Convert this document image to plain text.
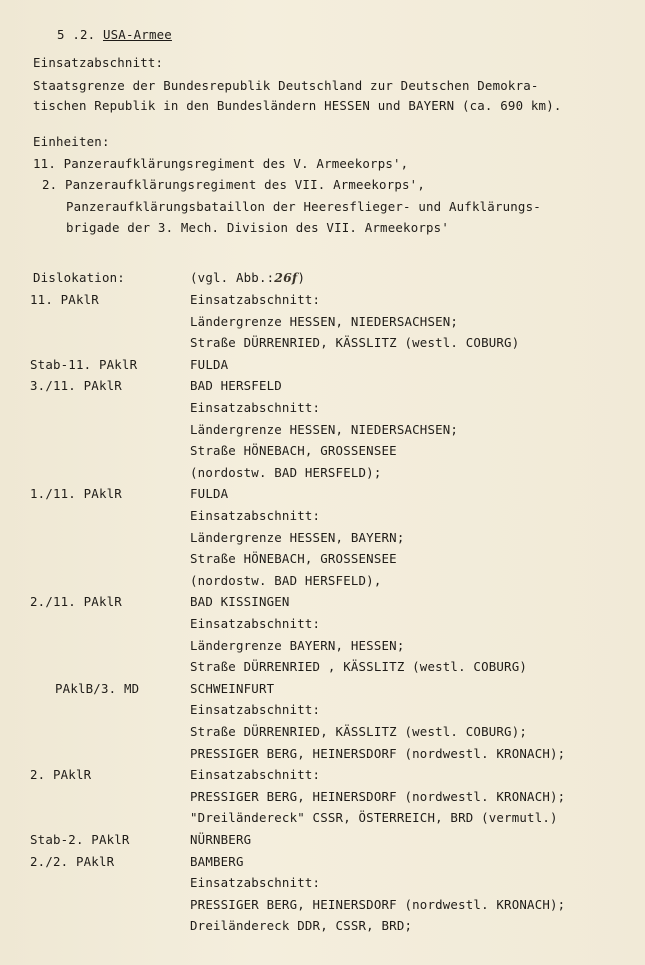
5 .2. USA-Armee
Einsatzabschnitt:
Staatsgrenze der Bundesrepublik Deutschland zur Deutschen Demokra-
tischen Republik in den Bundesländern HESSEN und BAYERN (ca. 690 km).
Einheiten:
11. Panzeraufklärungsregiment des V. Armeekorps',
2. Panzeraufklärungsregiment des VII. Armeekorps',
Panzeraufklärungsbataillon der Heeresflieger- und Aufklärungs-
brigade der 3. Mech. Division des VII. Armeekorps'
Dislokation:	(vgl. Abb.:26f)
11. PAklR	Einsatzabschnitt:
Ländergrenze HESSEN, NIEDERSACHSEN;
Straße DÜRRENRIED, KÄSSLITZ (westl. COBURG)
Stab-11. PAklR	FULDA
3./11. PAklR	BAD HERSFELD
Einsatzabschnitt:
Ländergrenze HESSEN, NIEDERSACHSEN;
Straße HÖNEBACH, GROSSENSEE
(nordostw. BAD HERSFELD);
1./11. PAklR	FULDA
Einsatzabschnitt:
Ländergrenze HESSEN, BAYERN;
Straße HÖNEBACH, GROSSENSEE
(nordostw. BAD HERSFELD),
2./11. PAklR	BAD KISSINGEN
Einsatzabschnitt:
Ländergrenze BAYERN, HESSEN;
Straße DÜRRENRIED , KÄSSLITZ (westl. COBURG)
PAklB/3. MD	SCHWEINFURT
Einsatzabschnitt:
Straße DÜRRENRIED, KÄSSLITZ (westl. COBURG);
PRESSIGER BERG, HEINERSDORF (nordwestl. KRONACH);
2. PAklR	Einsatzabschnitt:
PRESSIGER BERG, HEINERSDORF (nordwestl. KRONACH);
"Dreiländereck" CSSR, ÖSTERREICH, BRD (vermutl.)
Stab-2. PAklR	NÜRNBERG
2./2. PAklR	BAMBERG
Einsatzabschnitt:
PRESSIGER BERG, HEINERSDORF (nordwestl. KRONACH);
Dreiländereck DDR, CSSR, BRD;
